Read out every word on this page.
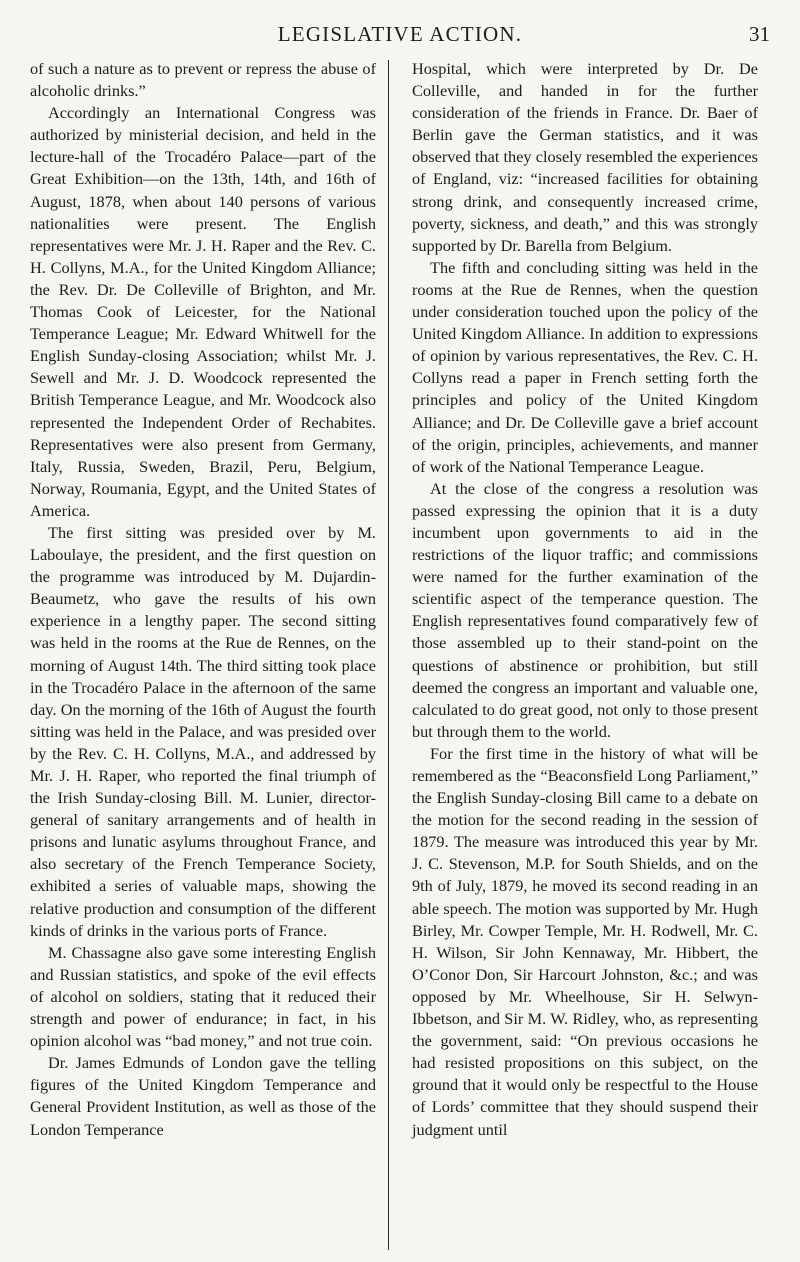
LEGISLATIVE ACTION.	31

of such a nature as to prevent or repress the abuse of alcoholic drinks.”

Accordingly an International Congress was authorized by ministerial decision, and held in the lecture-hall of the Trocadéro Palace—part of the Great Exhibition—on the 13th, 14th, and 16th of August, 1878, when about 140 persons of various nationalities were present. The English representatives were Mr. J. H. Raper and the Rev. C. H. Collyns, M.A., for the United Kingdom Alliance; the Rev. Dr. De Colleville of Brighton, and Mr. Thomas Cook of Leicester, for the National Temperance League; Mr. Edward Whitwell for the English Sunday-closing Association; whilst Mr. J. Sewell and Mr. J. D. Woodcock represented the British Temperance League, and Mr. Woodcock also represented the Independent Order of Rechabites. Representatives were also present from Germany, Italy, Russia, Sweden, Brazil, Peru, Belgium, Norway, Roumania, Egypt, and the United States of America.

The first sitting was presided over by M. Laboulaye, the president, and the first question on the programme was introduced by M. Dujardin-Beaumetz, who gave the results of his own experience in a lengthy paper. The second sitting was held in the rooms at the Rue de Rennes, on the morning of August 14th. The third sitting took place in the Trocadéro Palace in the afternoon of the same day. On the morning of the 16th of August the fourth sitting was held in the Palace, and was presided over by the Rev. C. H. Collyns, M.A., and addressed by Mr. J. H. Raper, who reported the final triumph of the Irish Sunday-closing Bill. M. Lunier, director-general of sanitary arrangements and of health in prisons and lunatic asylums throughout France, and also secretary of the French Temperance Society, exhibited a series of valuable maps, showing the relative production and consumption of the different kinds of drinks in the various ports of France.

M. Chassagne also gave some interesting English and Russian statistics, and spoke of the evil effects of alcohol on soldiers, stating that it reduced their strength and power of endurance; in fact, in his opinion alcohol was “bad money,” and not true coin.

Dr. James Edmunds of London gave the telling figures of the United Kingdom Temperance and General Provident Institution, as well as those of the London Temperance

Hospital, which were interpreted by Dr. De Colleville, and handed in for the further consideration of the friends in France. Dr. Baer of Berlin gave the German statistics, and it was observed that they closely resembled the experiences of England, viz: “increased facilities for obtaining strong drink, and consequently increased crime, poverty, sickness, and death,” and this was strongly supported by Dr. Barella from Belgium.

The fifth and concluding sitting was held in the rooms at the Rue de Rennes, when the question under consideration touched upon the policy of the United Kingdom Alliance. In addition to expressions of opinion by various representatives, the Rev. C. H. Collyns read a paper in French setting forth the principles and policy of the United Kingdom Alliance; and Dr. De Colleville gave a brief account of the origin, principles, achievements, and manner of work of the National Temperance League.

At the close of the congress a resolution was passed expressing the opinion that it is a duty incumbent upon governments to aid in the restrictions of the liquor traffic; and commissions were named for the further examination of the scientific aspect of the temperance question. The English representatives found comparatively few of those assembled up to their stand-point on the questions of abstinence or prohibition, but still deemed the congress an important and valuable one, calculated to do great good, not only to those present but through them to the world.

For the first time in the history of what will be remembered as the “Beaconsfield Long Parliament,” the English Sunday-closing Bill came to a debate on the motion for the second reading in the session of 1879. The measure was introduced this year by Mr. J. C. Stevenson, M.P. for South Shields, and on the 9th of July, 1879, he moved its second reading in an able speech. The motion was supported by Mr. Hugh Birley, Mr. Cowper Temple, Mr. H. Rodwell, Mr. C. H. Wilson, Sir John Kennaway, Mr. Hibbert, the O’Conor Don, Sir Harcourt Johnston, &c.; and was opposed by Mr. Wheelhouse, Sir H. Selwyn-Ibbetson, and Sir M. W. Ridley, who, as representing the government, said: “On previous occasions he had resisted propositions on this subject, on the ground that it would only be respectful to the House of Lords’ committee that they should suspend their judgment until
